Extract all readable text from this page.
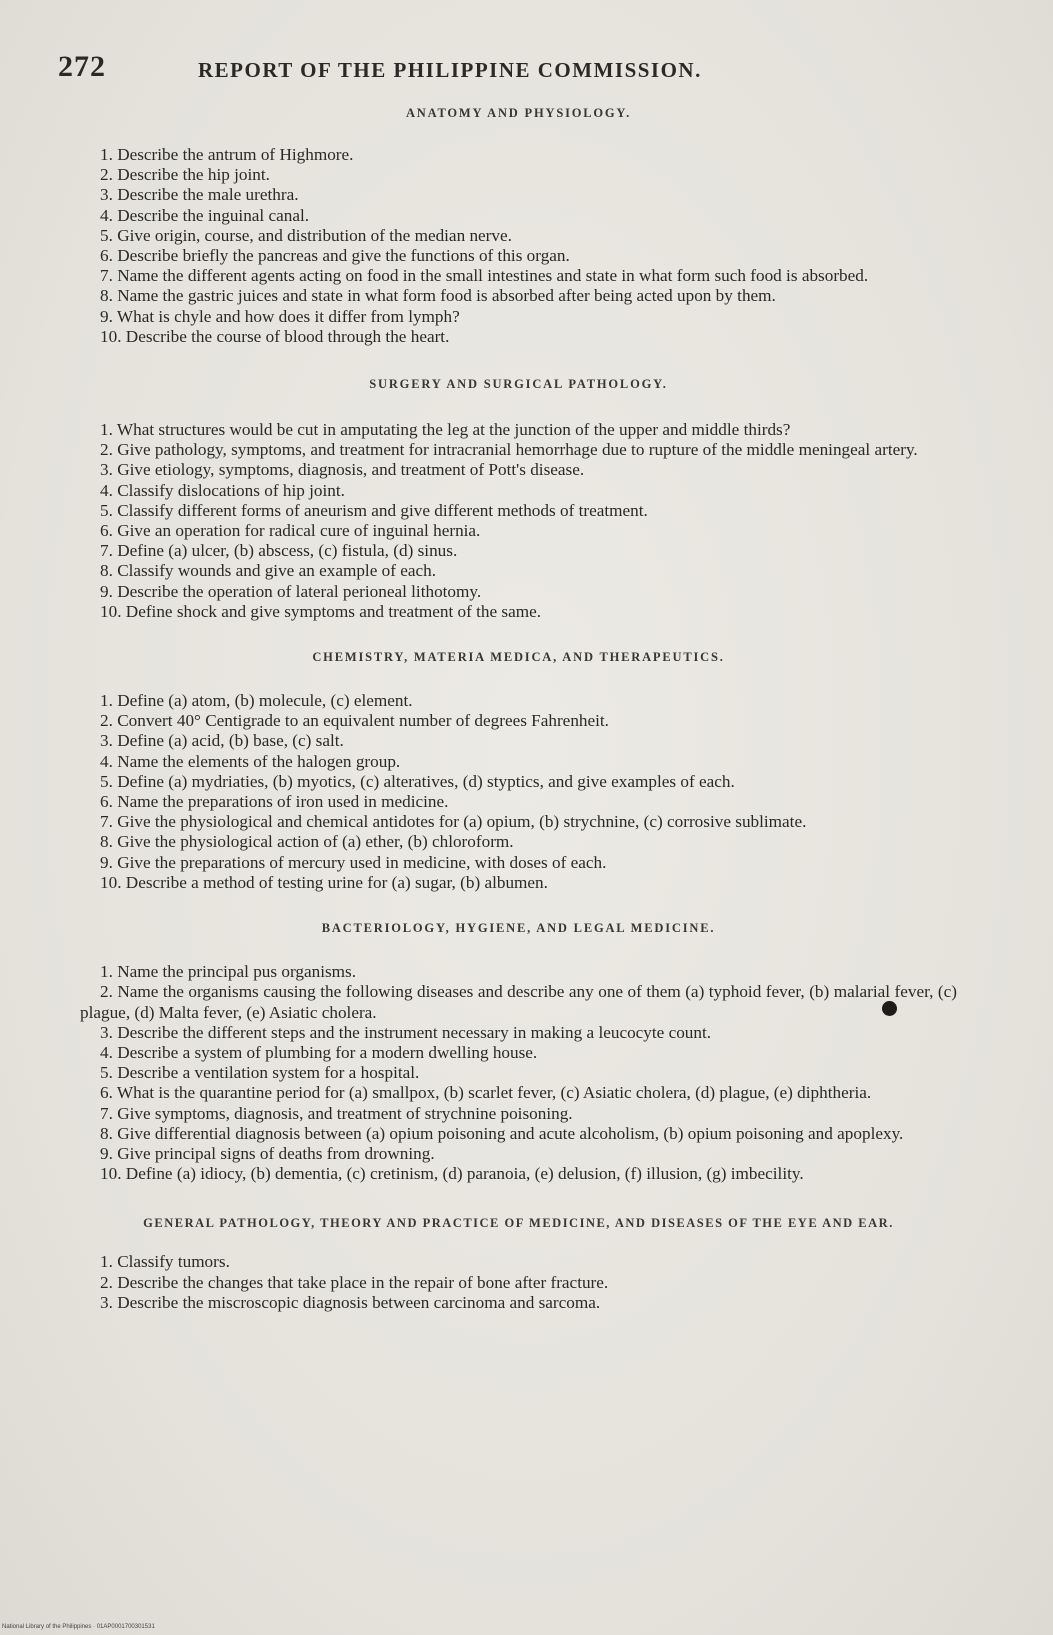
272	REPORT OF THE PHILIPPINE COMMISSION.
ANATOMY AND PHYSIOLOGY.

1. Describe the antrum of Highmore.

2. Describe the hip joint.

3. Describe the male urethra.

4. Describe the inguinal canal.

5. Give origin, course, and distribution of the median nerve.

6. Describe briefly the pancreas and give the functions of this organ.

7. Name the different agents acting on food in the small intestines and state in what form such food is absorbed.

8. Name the gastric juices and state in what form food is absorbed after being acted upon by them.

9. What is chyle and how does it differ from lymph?

10. Describe the course of blood through the heart.

SURGERY AND SURGICAL PATHOLOGY.

1. What structures would be cut in amputating the leg at the junction of the upper and middle thirds?

2. Give pathology, symptoms, and treatment for intracranial hemorrhage due to rupture of the middle meningeal artery.

3. Give etiology, symptoms, diagnosis, and treatment of Pott's disease.

4. Classify dislocations of hip joint.

5. Classify different forms of aneurism and give different methods of treatment.

6. Give an operation for radical cure of inguinal hernia.

7. Define (a) ulcer, (b) abscess, (c) fistula, (d) sinus.

8. Classify wounds and give an example of each.

9. Describe the operation of lateral perioneal lithotomy.

10. Define shock and give symptoms and treatment of the same.

CHEMISTRY, MATERIA MEDICA, AND THERAPEUTICS.

1. Define (a) atom, (b) molecule, (c) element.

2. Convert 40° Centigrade to an equivalent number of degrees Fahrenheit.

3. Define (a) acid, (b) base, (c) salt.

4. Name the elements of the halogen group.

5. Define (a) mydriaties, (b) myotics, (c) alteratives, (d) styptics, and give examples of each.

6. Name the preparations of iron used in medicine.

7. Give the physiological and chemical antidotes for (a) opium, (b) strychnine, (c) corrosive sublimate.

8. Give the physiological action of (a) ether, (b) chloroform.

9. Give the preparations of mercury used in medicine, with doses of each.

10. Describe a method of testing urine for (a) sugar, (b) albumen.

BACTERIOLOGY, HYGIENE, AND LEGAL MEDICINE.

1. Name the principal pus organisms.

2. Name the organisms causing the following diseases and describe any one of them (a) typhoid fever, (b) malarial fever, (c) plague, (d) Malta fever, (e) Asiatic cholera.

3. Describe the different steps and the instrument necessary in making a leucocyte count.

4. Describe a system of plumbing for a modern dwelling house.

5. Describe a ventilation system for a hospital.

6. What is the quarantine period for (a) smallpox, (b) scarlet fever, (c) Asiatic cholera, (d) plague, (e) diphtheria.

7. Give symptoms, diagnosis, and treatment of strychnine poisoning.

8. Give differential diagnosis between (a) opium poisoning and acute alcoholism, (b) opium poisoning and apoplexy.

9. Give principal signs of deaths from drowning.

10. Define (a) idiocy, (b) dementia, (c) cretinism, (d) paranoia, (e) delusion, (f) illusion, (g) imbecility.

GENERAL PATHOLOGY, THEORY AND PRACTICE OF MEDICINE, AND DISEASES OF THE EYE AND EAR.

1. Classify tumors.

2. Describe the changes that take place in the repair of bone after fracture.

3. Describe the miscroscopic diagnosis between carcinoma and sarcoma.

National Library of the Philippines · 01AP0001700301531
